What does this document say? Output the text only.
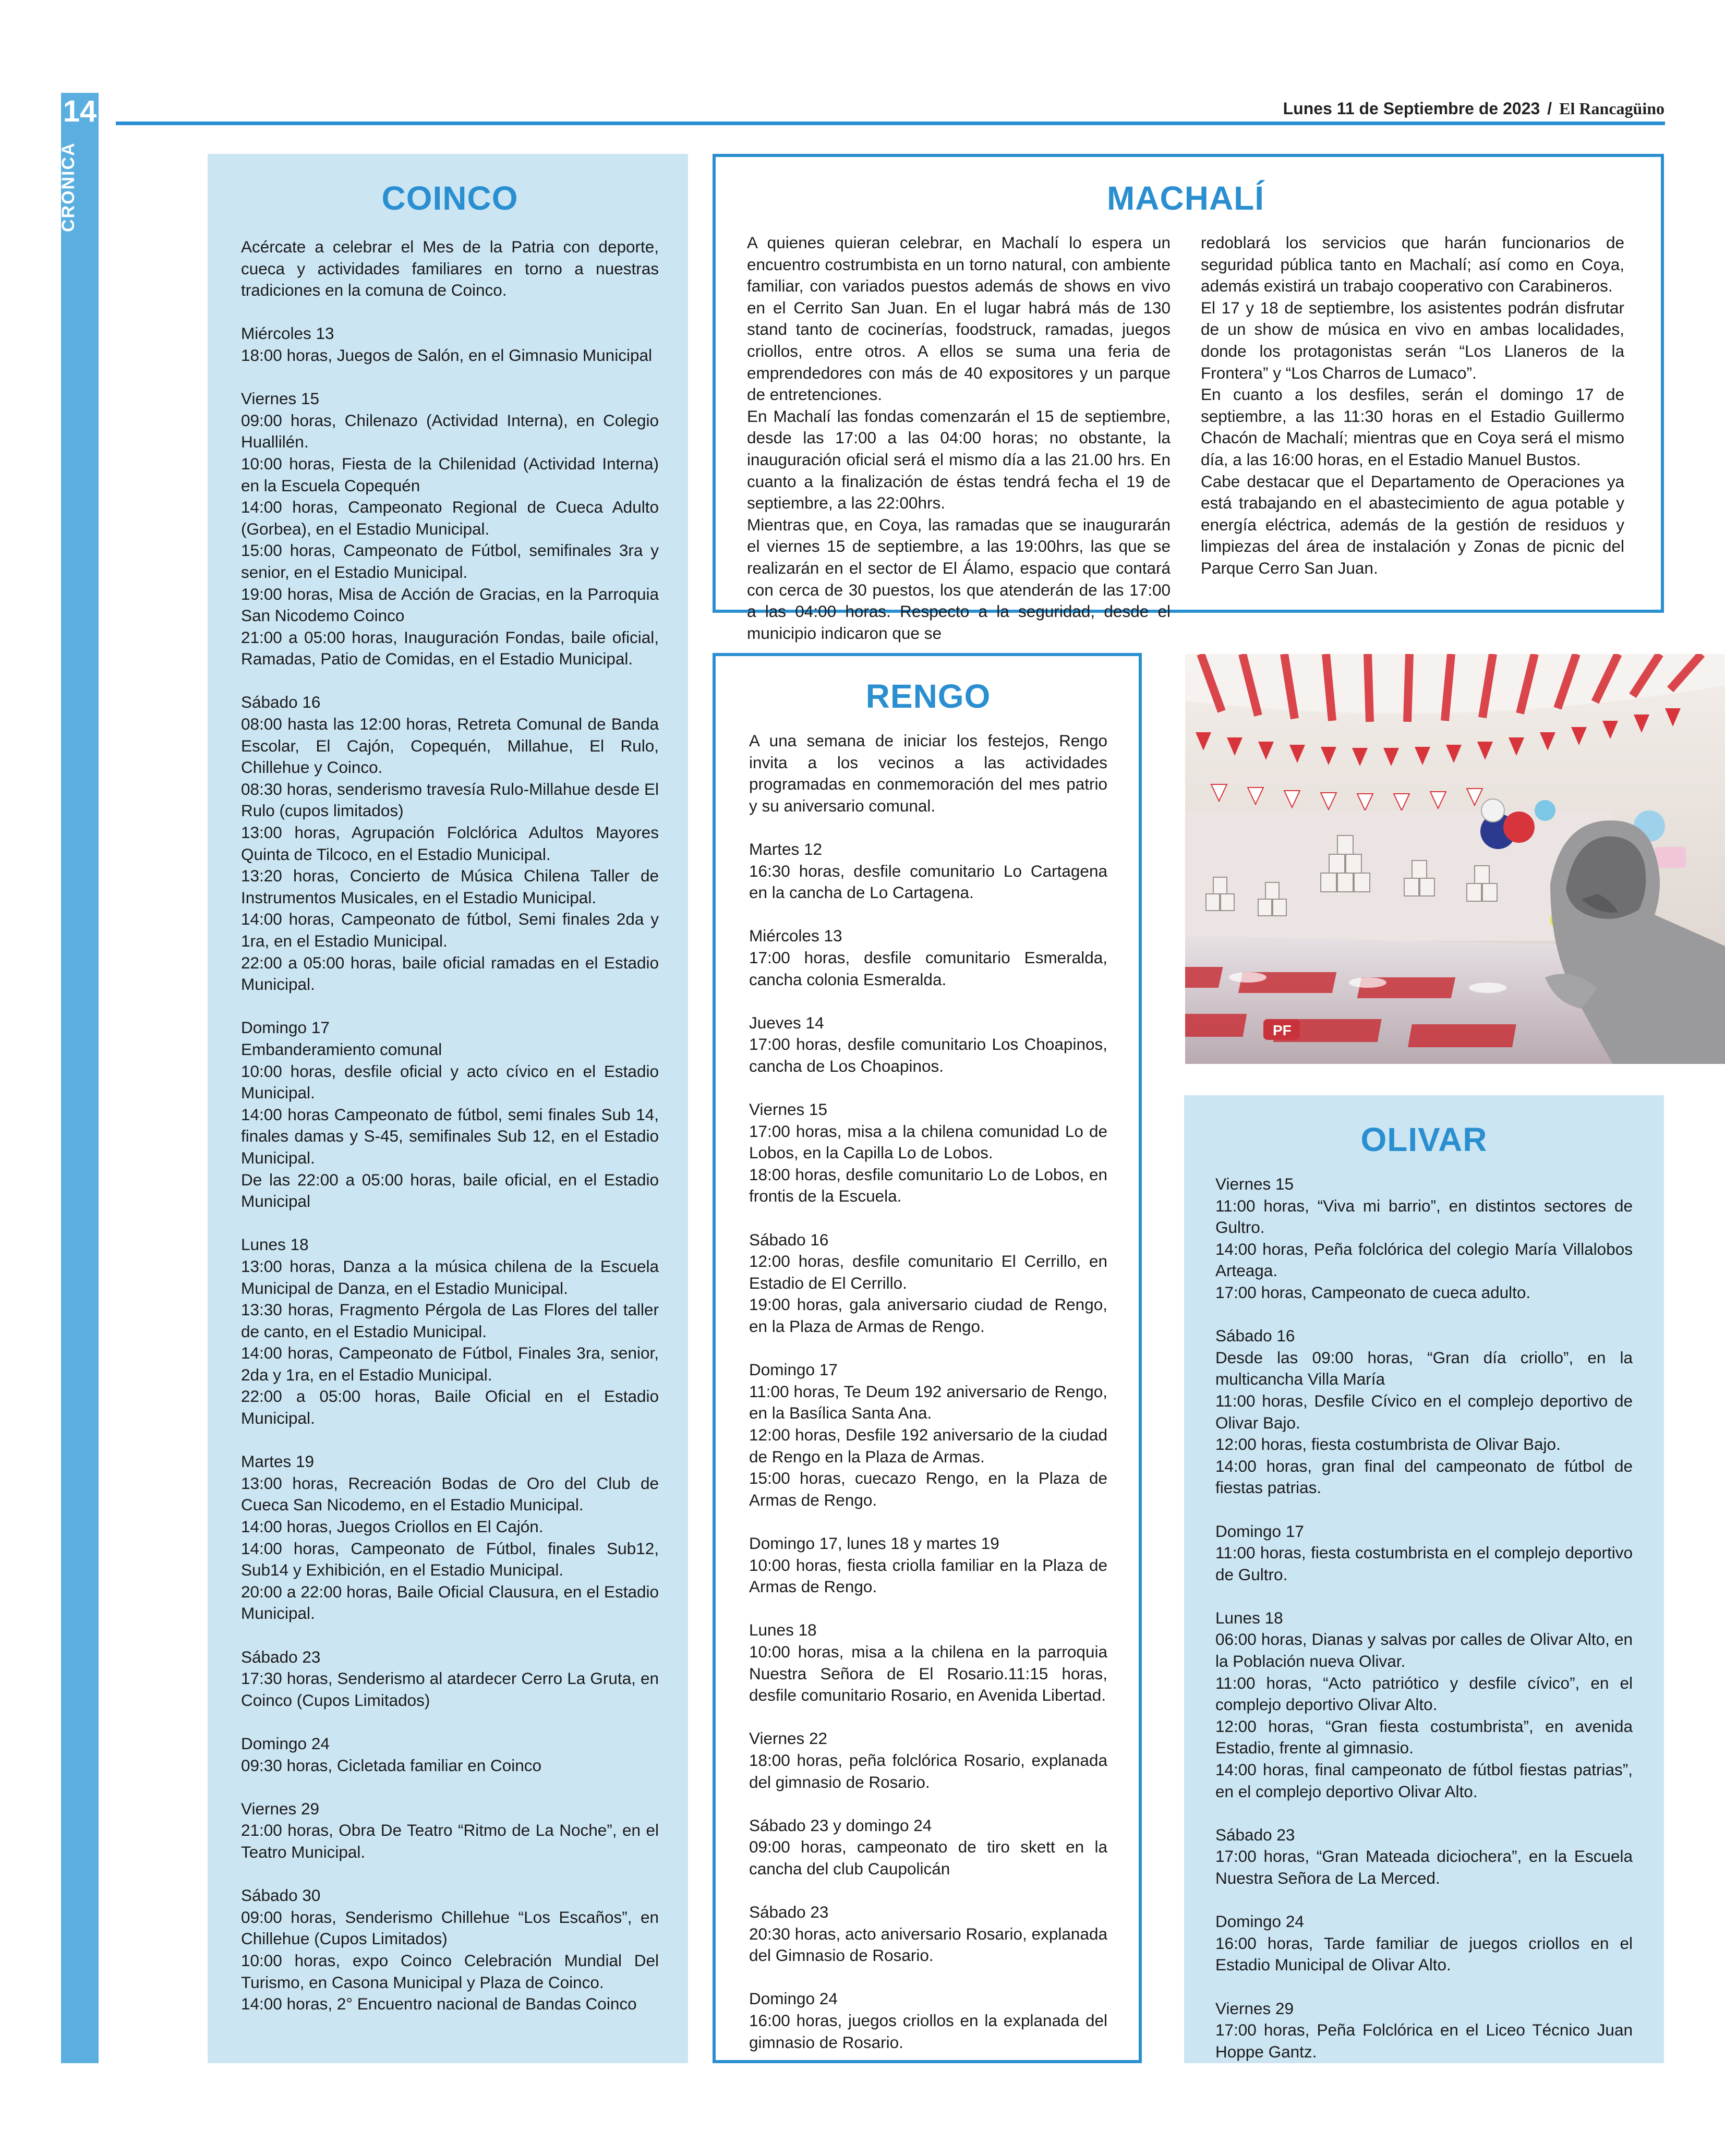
14
CRÓNICA
Lunes 11 de Septiembre de 2023 / El Rancagüino
COINCO

Acércate a celebrar el Mes de la Patria con deporte, cueca y actividades familiares en torno a nuestras tradiciones en la comuna de Coinco.

Miércoles 13

18:00 horas, Juegos de Salón, en el Gimnasio Municipal

Viernes 15

09:00 horas, Chilenazo (Actividad Interna), en Colegio Huallilén.

10:00 horas, Fiesta de la Chilenidad (Actividad Interna) en la Escuela Copequén

14:00 horas, Campeonato Regional de Cueca Adulto (Gorbea), en el Estadio Municipal.

15:00 horas, Campeonato de Fútbol, semifinales 3ra y senior, en el Estadio Municipal.

19:00 horas, Misa de Acción de Gracias, en la Parroquia San Nicodemo Coinco

21:00 a 05:00 horas, Inauguración Fondas, baile oficial, Ramadas, Patio de Comidas, en el Estadio Municipal.

Sábado 16

08:00 hasta las 12:00 horas, Retreta Comunal de Banda Escolar, El Cajón, Copequén, Millahue, El Rulo, Chillehue y Coinco.

08:30 horas, senderismo travesía Rulo-Millahue desde El Rulo (cupos limitados)

13:00 horas, Agrupación Folclórica Adultos Mayores Quinta de Tilcoco, en el Estadio Municipal.

13:20 horas, Concierto de Música Chilena Taller de Instrumentos Musicales, en el Estadio Municipal.

14:00 horas, Campeonato de fútbol, Semi finales 2da y 1ra, en el Estadio Municipal.

22:00 a 05:00 horas, baile oficial ramadas en el Estadio Municipal.

Domingo 17

Embanderamiento comunal

10:00 horas, desfile oficial y acto cívico en el Estadio Municipal.

14:00 horas Campeonato de fútbol, semi finales Sub 14, finales damas y S-45, semifinales Sub 12, en el Estadio Municipal.

De las 22:00 a 05:00 horas, baile oficial, en el Estadio Municipal

Lunes 18

13:00 horas, Danza a la música chilena de la Escuela Municipal de Danza, en el Estadio Municipal.

13:30 horas, Fragmento Pérgola de Las Flores del taller de canto, en el Estadio Municipal.

14:00 horas, Campeonato de Fútbol, Finales 3ra, senior, 2da y 1ra, en el Estadio Municipal.

22:00 a 05:00 horas, Baile Oficial en el Estadio Municipal.

Martes 19

13:00 horas, Recreación Bodas de Oro del Club de Cueca San Nicodemo, en el Estadio Municipal.

14:00 horas, Juegos Criollos en El Cajón.

14:00 horas, Campeonato de Fútbol, finales Sub12, Sub14 y Exhibición, en el Estadio Municipal.

20:00 a 22:00 horas, Baile Oficial Clausura, en el Estadio Municipal.

Sábado 23

17:30 horas, Senderismo al atardecer Cerro La Gruta, en Coinco (Cupos Limitados)

Domingo 24

09:30 horas, Cicletada familiar en Coinco

Viernes 29

21:00 horas, Obra De Teatro “Ritmo de La Noche”, en el Teatro Municipal.

Sábado 30

09:00 horas, Senderismo Chillehue “Los Escaños”, en Chillehue (Cupos Limitados)

10:00 horas, expo Coinco Celebración Mundial Del Turismo, en Casona Municipal y Plaza de Coinco.

14:00 horas, 2° Encuentro nacional de Bandas Coinco

MACHALÍ

A quienes quieran celebrar, en Machalí lo espera un encuentro costrumbista en un torno natural, con ambiente familiar, con variados puestos además de shows en vivo en el Cerrito San Juan. En el lugar habrá más de 130 stand tanto de cocinerías, foodstruck, ramadas, juegos criollos, entre otros. A ellos se suma una feria de emprendedores con más de 40 expositores y un parque de entretenciones.

En Machalí las fondas comenzarán el 15 de septiembre, desde las 17:00 a las 04:00 horas; no obstante, la inauguración oficial será el mismo día a las 21.00 hrs. En cuanto a la finalización de éstas tendrá fecha el 19 de septiembre, a las 22:00hrs.

Mientras que, en Coya, las ramadas que se inaugurarán el viernes 15 de septiembre, a las 19:00hrs, las que se realizarán en el sector de El Álamo, espacio que contará con cerca de 30 puestos, los que atenderán de las 17:00 a las 04:00 horas. Respecto a la seguridad, desde el municipio indicaron que se

redoblará los servicios que harán funcionarios de seguridad pública tanto en Machalí; así como en Coya, además existirá un trabajo cooperativo con Carabineros.

El 17 y 18 de septiembre, los asistentes podrán disfrutar de un show de música en vivo en ambas localidades, donde los protagonistas serán “Los Llaneros de la Frontera” y “Los Charros de Lumaco”.

En cuanto a los desfiles, serán el domingo 17 de septiembre, a las 11:30 horas en el Estadio Guillermo Chacón de Machalí; mientras que en Coya será el mismo día, a las 16:00 horas, en el Estadio Manuel Bustos.

Cabe destacar que el Departamento de Operaciones ya está trabajando en el abastecimiento de agua potable y energía eléctrica, además de la gestión de residuos y limpiezas del área de instalación y Zonas de picnic del Parque Cerro San Juan.

RENGO

A una semana de iniciar los festejos, Rengo invita a los vecinos a las actividades programadas en conmemoración del mes patrio y su aniversario comunal.

Martes 12

16:30 horas, desfile comunitario Lo Cartagena en la cancha de Lo Cartagena.

Miércoles 13

17:00 horas, desfile comunitario Esmeralda, cancha colonia Esmeralda.

Jueves 14

17:00 horas, desfile comunitario Los Choapinos, cancha de Los Choapinos.

Viernes 15

17:00 horas, misa a la chilena comunidad Lo de Lobos, en la Capilla Lo de Lobos.

18:00 horas, desfile comunitario Lo de Lobos, en frontis de la Escuela.

Sábado 16

12:00 horas, desfile comunitario El Cerrillo, en Estadio de El Cerrillo.

19:00 horas, gala aniversario ciudad de Rengo, en la Plaza de Armas de Rengo.

Domingo 17

11:00 horas, Te Deum 192 aniversario de Rengo, en la Basílica Santa Ana.

12:00 horas, Desfile 192 aniversario de la ciudad de Rengo en la Plaza de Armas.

15:00 horas, cuecazo Rengo, en la Plaza de Armas de Rengo.

Domingo 17, lunes 18 y martes 19

10:00 horas, fiesta criolla familiar en la Plaza de Armas de Rengo.

Lunes 18

10:00 horas, misa a la chilena en la parroquia Nuestra Señora de El Rosario.11:15 horas, desfile comunitario Rosario, en Avenida Libertad.

Viernes 22

18:00 horas, peña folclórica Rosario, explanada del gimnasio de Rosario.

Sábado 23 y domingo 24

09:00 horas, campeonato de tiro skett en la cancha del club Caupolicán

Sábado 23

20:30 horas, acto aniversario Rosario, explanada del Gimnasio de Rosario.

Domingo 24

16:00 horas, juegos criollos en la explanada del gimnasio de Rosario.

PF
OLIVAR

Viernes 15

11:00 horas, “Viva mi barrio”, en distintos sectores de Gultro.

14:00 horas, Peña folclórica del colegio María Villalobos Arteaga.

17:00 horas, Campeonato de cueca adulto.

Sábado 16

Desde las 09:00 horas, “Gran día criollo”, en la multicancha Villa María

11:00 horas, Desfile Cívico en el complejo deportivo de Olivar Bajo.

12:00 horas, fiesta costumbrista de Olivar Bajo.

14:00 horas, gran final del campeonato de fútbol de fiestas patrias.

Domingo 17

11:00 horas, fiesta costumbrista en el complejo deportivo de Gultro.

Lunes 18

06:00 horas, Dianas y salvas por calles de Olivar Alto, en la Población nueva Olivar.

11:00 horas, “Acto patriótico y desfile cívico”, en el complejo deportivo Olivar Alto.

12:00 horas, “Gran fiesta costumbrista”, en avenida Estadio, frente al gimnasio.

14:00 horas, final campeonato de fútbol fiestas patrias”, en el complejo deportivo Olivar Alto.

Sábado 23

17:00 horas, “Gran Mateada diciochera”, en la Escuela Nuestra Señora de La Merced.

Domingo 24

16:00 horas, Tarde familiar de juegos criollos en el Estadio Municipal de Olivar Alto.

Viernes 29

17:00 horas, Peña Folclórica en el Liceo Técnico Juan Hoppe Gantz.
